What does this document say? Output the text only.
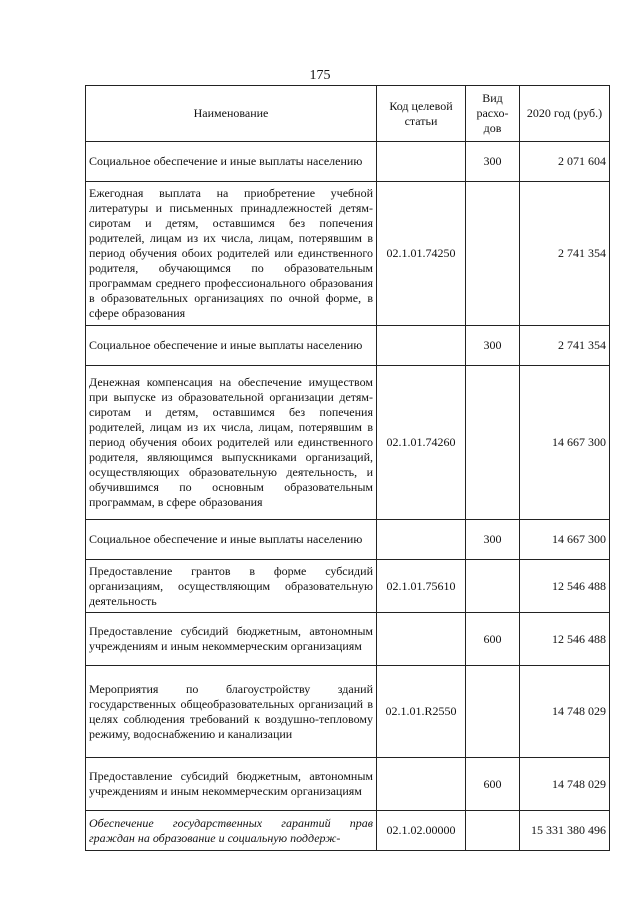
175
Наименование	Код целевой статьи	Вид расхо-дов	2020 год (руб.)
Социальное обеспечение и иные выплаты населению		300	2 071 604
Ежегодная выплата на приобретение учебной литературы и письменных принадлежностей детям-сиротам и детям, оставшимся без попечения родителей, лицам из их числа, лицам, потерявшим в период обучения обоих родителей или единственного родителя, обучающимся по образовательным программам среднего профессионального образования в образовательных организациях по очной форме, в сфере образования	02.1.01.74250		2 741 354
Социальное обеспечение и иные выплаты населению		300	2 741 354
Денежная компенсация на обеспечение имуществом при выпуске из образовательной организации детям-сиротам и детям, оставшимся без попечения родителей, лицам из их числа, лицам, потерявшим в период обучения обоих родителей или единственного родителя, являющимся выпускниками организаций, осуществляющих образовательную деятельность, и обучившимся по основным образовательным программам, в сфере образования	02.1.01.74260		14 667 300
Социальное обеспечение и иные выплаты населению		300	14 667 300
Предоставление грантов в форме субсидий организациям, осуществляющим образовательную деятельность	02.1.01.75610		12 546 488
Предоставление субсидий бюджетным, автономным учреждениям и иным некоммерческим организациям		600	12 546 488
Мероприятия по благоустройству зданий государственных общеобразовательных организаций в целях соблюдения требований к воздушно-тепловому режиму, водоснабжению и канализации	02.1.01.R2550		14 748 029
Предоставление субсидий бюджетным, автономным учреждениям и иным некоммерческим организациям		600	14 748 029
Обеспечение государственных гарантий прав граждан на образование и социальную поддерж-	02.1.02.00000		15 331 380 496
